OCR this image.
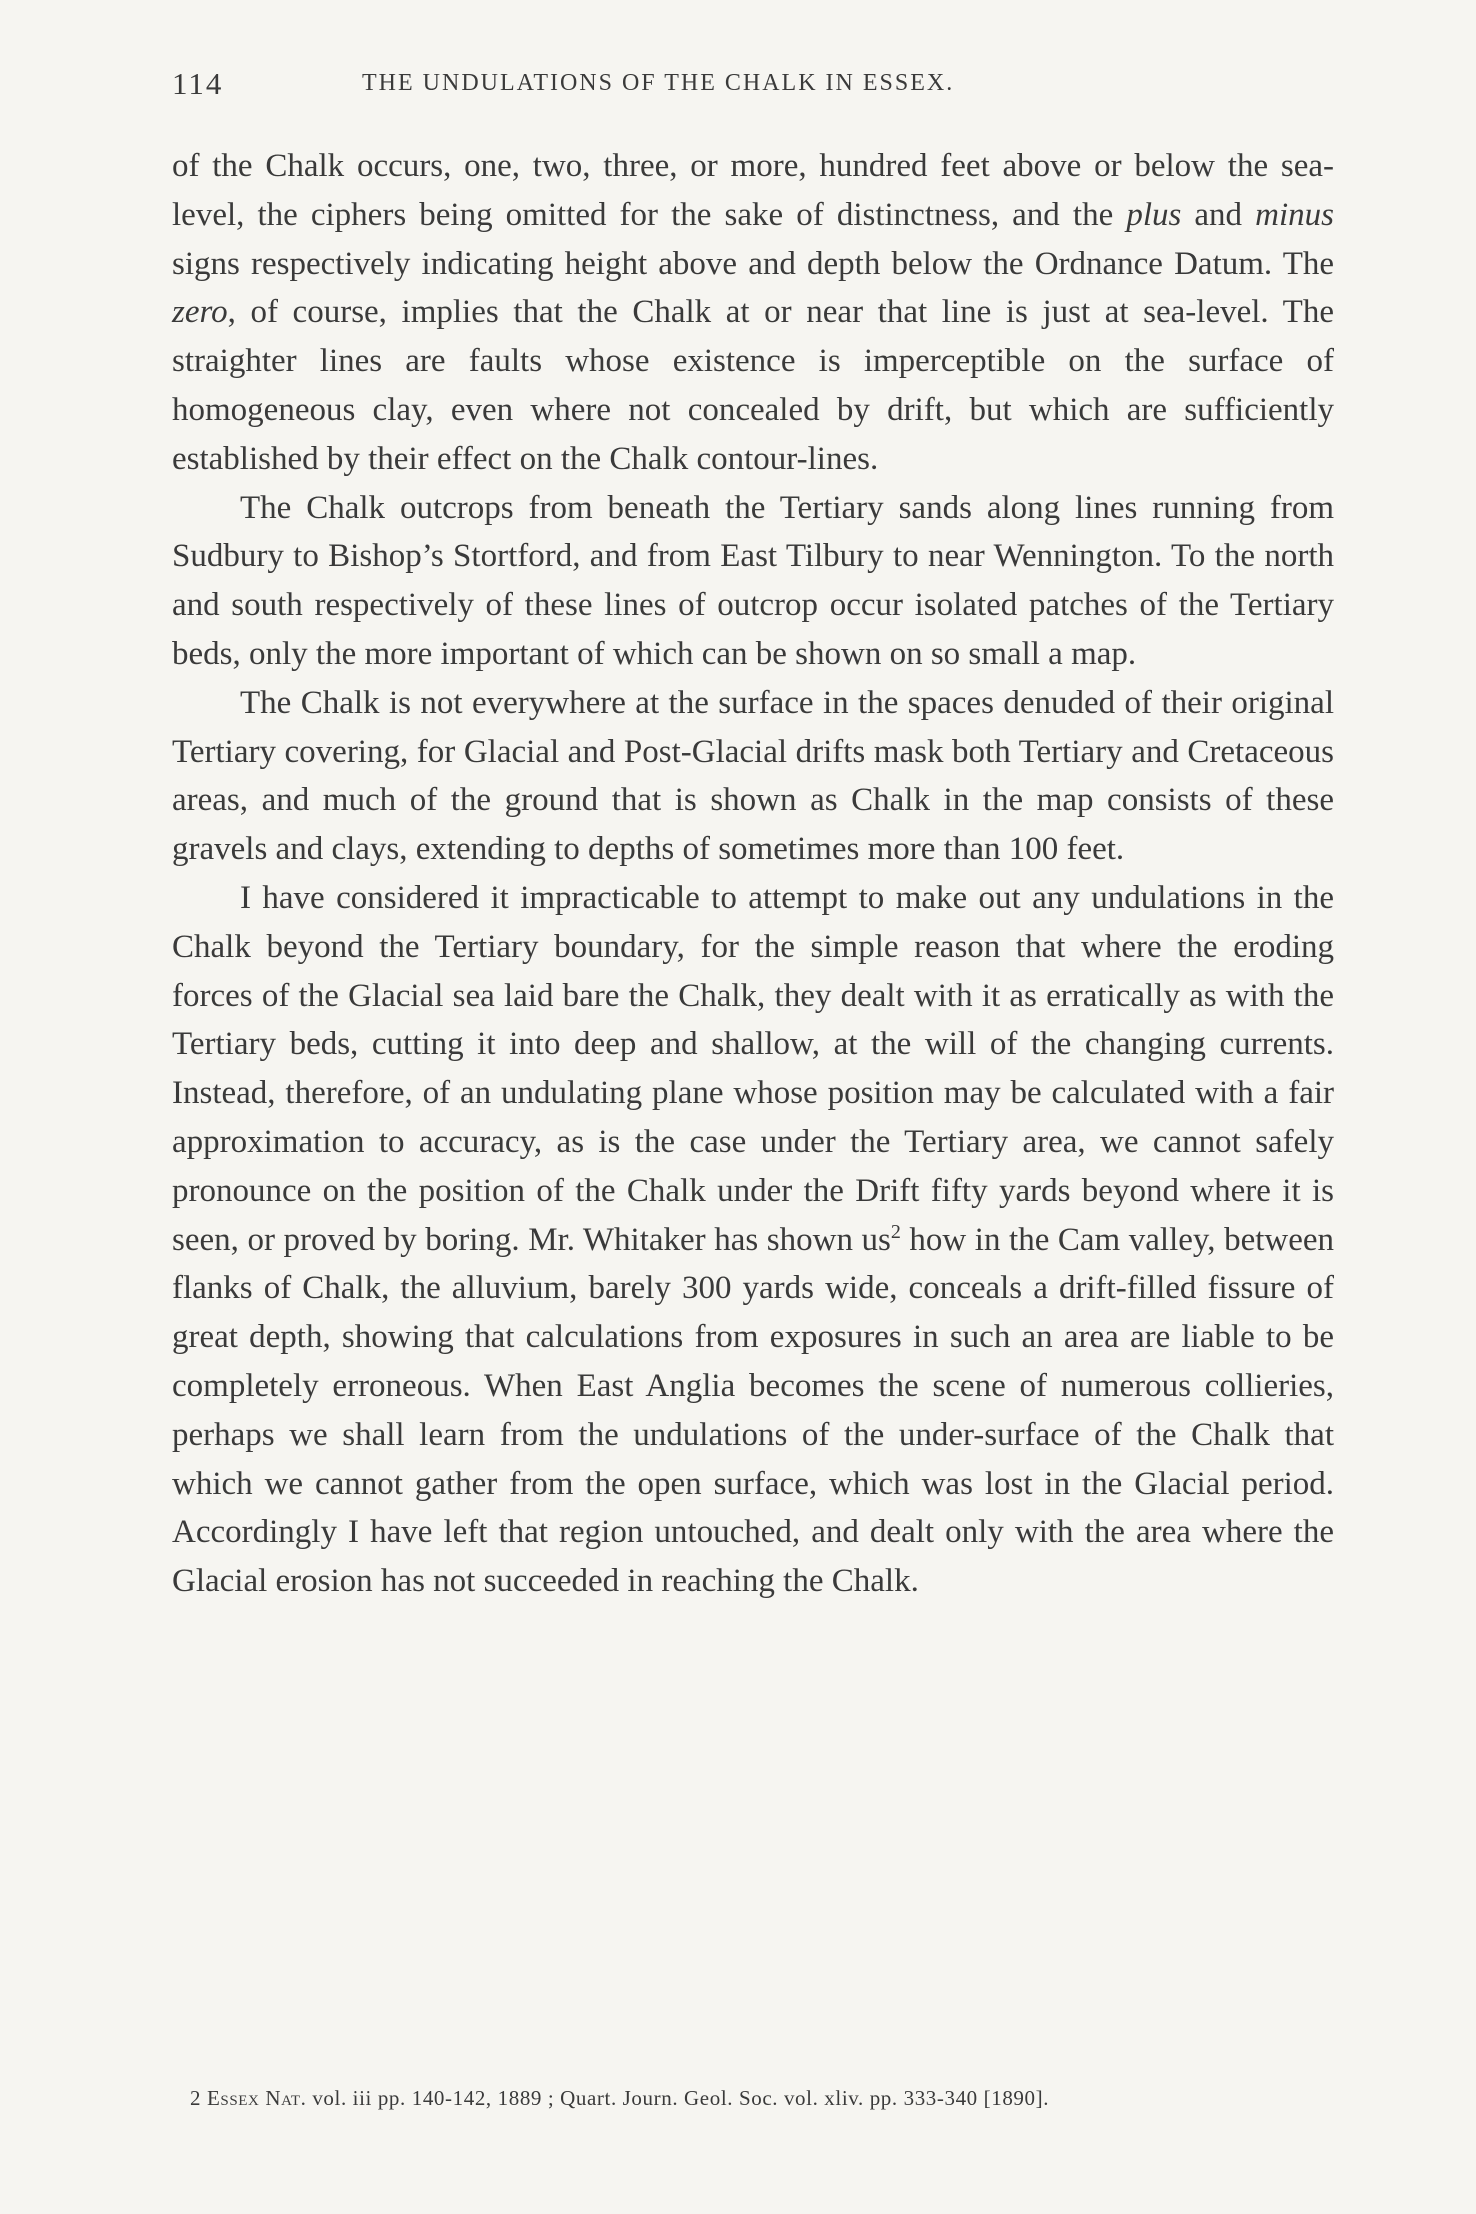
114	THE UNDULATIONS OF THE CHALK IN ESSEX.

of the Chalk occurs, one, two, three, or more, hundred feet above or below the sea-level, the ciphers being omitted for the sake of distinctness, and the plus and minus signs respectively indicating height above and depth below the Ordnance Datum. The zero, of course, implies that the Chalk at or near that line is just at sea-level. The straighter lines are faults whose existence is imperceptible on the surface of homogeneous clay, even where not concealed by drift, but which are sufficiently established by their effect on the Chalk contour-lines.

The Chalk outcrops from beneath the Tertiary sands along lines running from Sudbury to Bishop’s Stortford, and from East Tilbury to near Wennington. To the north and south respectively of these lines of outcrop occur isolated patches of the Tertiary beds, only the more important of which can be shown on so small a map.

The Chalk is not everywhere at the surface in the spaces denuded of their original Tertiary covering, for Glacial and Post-Glacial drifts mask both Tertiary and Cretaceous areas, and much of the ground that is shown as Chalk in the map consists of these gravels and clays, extending to depths of sometimes more than 100 feet.

I have considered it impracticable to attempt to make out any undulations in the Chalk beyond the Tertiary boundary, for the simple reason that where the eroding forces of the Glacial sea laid bare the Chalk, they dealt with it as erratically as with the Tertiary beds, cutting it into deep and shallow, at the will of the changing currents. Instead, therefore, of an undulating plane whose position may be calculated with a fair approximation to accuracy, as is the case under the Tertiary area, we cannot safely pronounce on the position of the Chalk under the Drift fifty yards beyond where it is seen, or proved by boring. Mr. Whitaker has shown $us^2$ how in the Cam valley, between flanks of Chalk, the alluvium, barely 300 yards wide, conceals a drift-filled fissure of great depth, showing that calculations from exposures in such an area are liable to be completely erroneous. When East Anglia becomes the scene of numerous collieries, perhaps we shall learn from the undulations of the under-surface of the Chalk that which we cannot gather from the open surface, which was lost in the Glacial period. Accordingly I have left that region untouched, and dealt only with the area where the Glacial erosion has not succeeded in reaching the Chalk.

2 Essex Nat. vol. iii pp. 140-142, 1889 ; Quart. Journ. Geol. Soc. vol. xliv. pp. 333-340 [1890].
